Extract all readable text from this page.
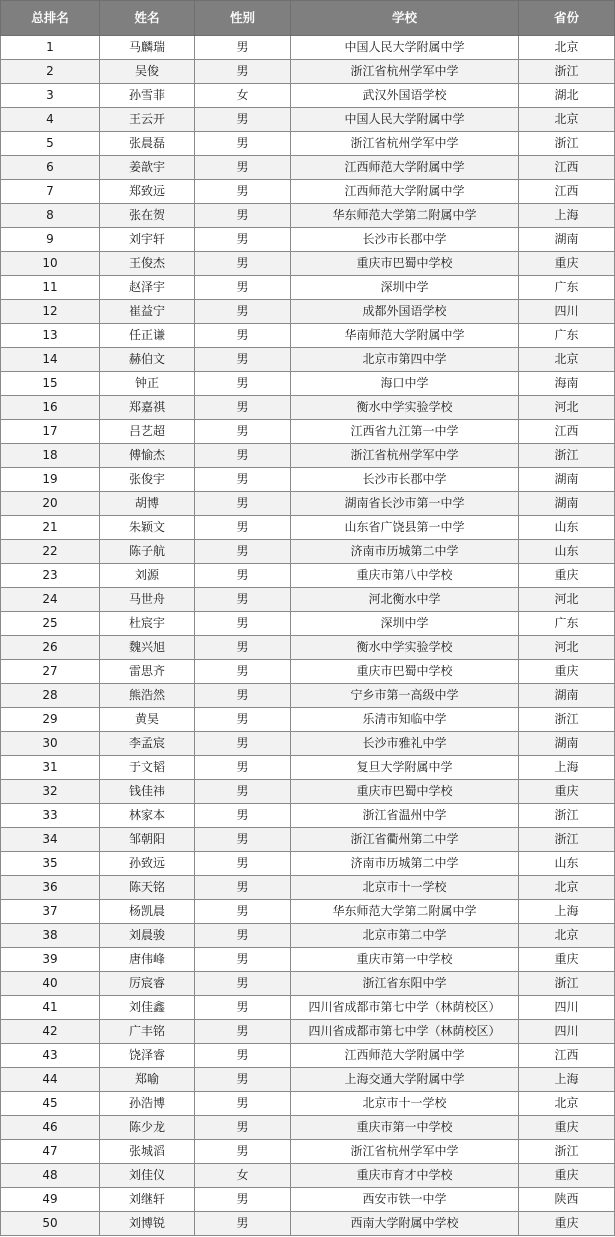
总排名	姓名	性别	学校	省份
1	马麟瑞	男	中国人民大学附属中学	北京
2	吴俊	男	浙江省杭州学军中学	浙江
3	孙雪菲	女	武汉外国语学校	湖北
4	王云开	男	中国人民大学附属中学	北京
5	张晨磊	男	浙江省杭州学军中学	浙江
6	姜歆宇	男	江西师范大学附属中学	江西
7	郑致远	男	江西师范大学附属中学	江西
8	张在贺	男	华东师范大学第二附属中学	上海
9	刘宇轩	男	长沙市长郡中学	湖南
10	王俊杰	男	重庆市巴蜀中学校	重庆
11	赵泽宇	男	深圳中学	广东
12	崔益宁	男	成都外国语学校	四川
13	任正谦	男	华南师范大学附属中学	广东
14	赫伯文	男	北京市第四中学	北京
15	钟正	男	海口中学	海南
16	郑嘉祺	男	衡水中学实验学校	河北
17	吕艺超	男	江西省九江第一中学	江西
18	傅愉杰	男	浙江省杭州学军中学	浙江
19	张俊宇	男	长沙市长郡中学	湖南
20	胡博	男	湖南省长沙市第一中学	湖南
21	朱颖文	男	山东省广饶县第一中学	山东
22	陈子航	男	济南市历城第二中学	山东
23	刘源	男	重庆市第八中学校	重庆
24	马世舟	男	河北衡水中学	河北
25	杜宸宇	男	深圳中学	广东
26	魏兴旭	男	衡水中学实验学校	河北
27	雷思齐	男	重庆市巴蜀中学校	重庆
28	熊浩然	男	宁乡市第一高级中学	湖南
29	黄昊	男	乐清市知临中学	浙江
30	李孟宸	男	长沙市雅礼中学	湖南
31	于文韬	男	复旦大学附属中学	上海
32	钱佳祎	男	重庆市巴蜀中学校	重庆
33	林家本	男	浙江省温州中学	浙江
34	邹朝阳	男	浙江省衢州第二中学	浙江
35	孙致远	男	济南市历城第二中学	山东
36	陈天铭	男	北京市十一学校	北京
37	杨凯晨	男	华东师范大学第二附属中学	上海
38	刘晨骏	男	北京市第二中学	北京
39	唐伟峰	男	重庆市第一中学校	重庆
40	厉宸睿	男	浙江省东阳中学	浙江
41	刘佳鑫	男	四川省成都市第七中学（林荫校区）	四川
42	广丰铭	男	四川省成都市第七中学（林荫校区）	四川
43	饶泽睿	男	江西师范大学附属中学	江西
44	郑喻	男	上海交通大学附属中学	上海
45	孙浩博	男	北京市十一学校	北京
46	陈少龙	男	重庆市第一中学校	重庆
47	张城滔	男	浙江省杭州学军中学	浙江
48	刘佳仪	女	重庆市育才中学校	重庆
49	刘继轩	男	西安市铁一中学	陕西
50	刘博锐	男	西南大学附属中学校	重庆
